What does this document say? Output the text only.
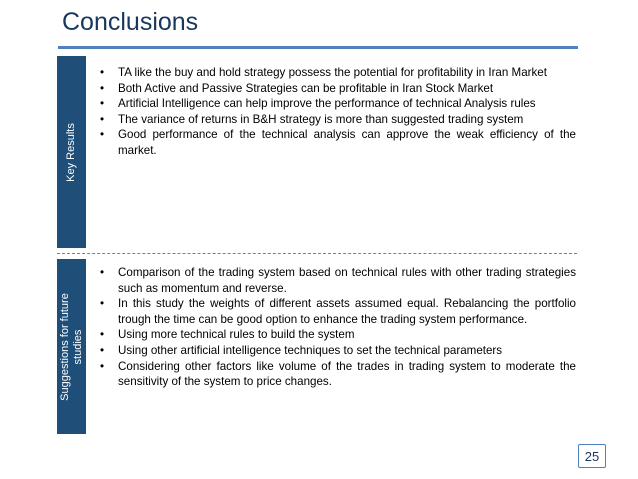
Conclusions
Key Results
• TA like the buy and hold strategy possess the potential for profitability in Iran Market
• Both Active and Passive Strategies can be profitable in Iran Stock Market
• Artificial Intelligence can help improve the performance of technical Analysis rules
• The variance of returns in B&H strategy is more than suggested trading system
• Good performance of the technical analysis can approve the weak efficiency of the market.
Suggestions for future studies
• Comparison of the trading system based on technical rules with other trading strategies such as momentum and reverse.
• In this study the weights of different assets assumed equal. Rebalancing the portfolio trough the time can be good option to enhance the trading system performance.
• Using more technical rules to build the system
• Using other artificial intelligence techniques to set the technical parameters
• Considering other factors like volume of the trades in trading system to moderate the sensitivity of the system to price changes.
25
